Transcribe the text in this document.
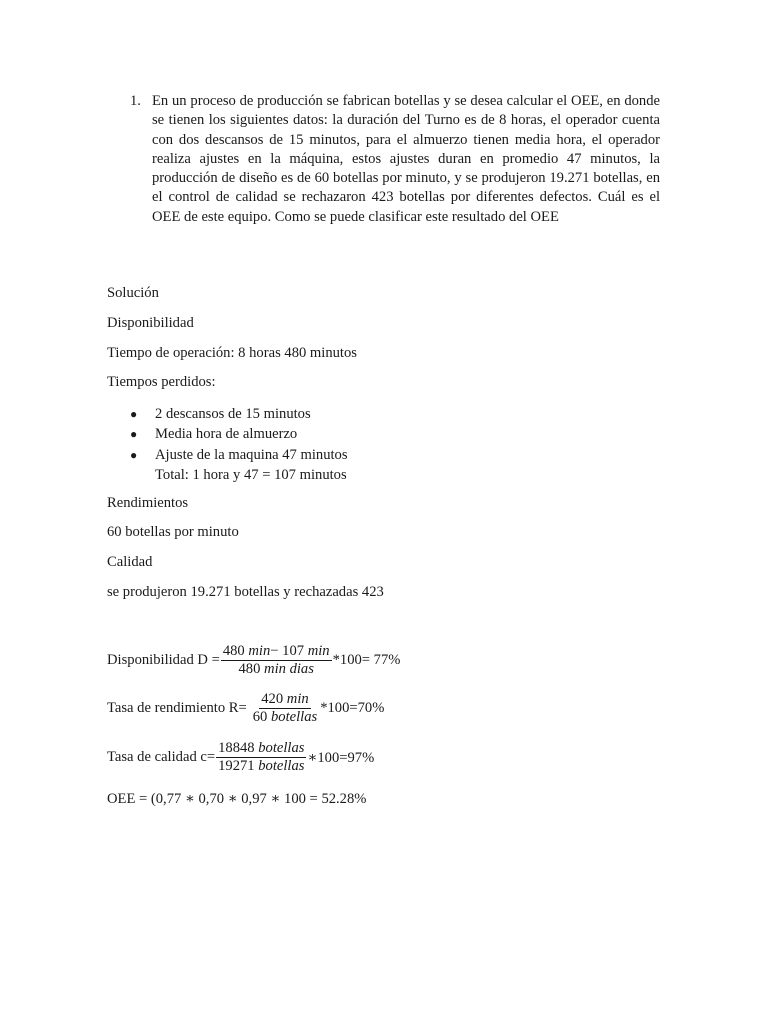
1. En un proceso de producción se fabrican botellas y se desea calcular el OEE, en donde se tienen los siguientes datos: la duración del Turno es de 8 horas, el operador cuenta con dos descansos de 15 minutos, para el almuerzo tienen media hora, el operador realiza ajustes en la máquina, estos ajustes duran en promedio 47 minutos, la producción de diseño es de 60 botellas por minuto, y se produjeron 19.271 botellas, en el control de calidad se rechazaron 423 botellas por diferentes defectos. Cuál es el OEE de este equipo. Como se puede clasificar este resultado del OEE
Solución
Disponibilidad
Tiempo de operación: 8 horas 480 minutos
Tiempos perdidos:
● 2 descansos de 15 minutos
● Media hora de almuerzo
● Ajuste de la maquina 47 minutos
Total: 1 hora y 47 = 107 minutos
Rendimientos
60 botellas por minuto
Calidad
se produjeron 19.271 botellas y rechazadas 423
Disponibilidad $D = \frac{480 \min- 107 \min}{\text{480 min dias}} *100= 77\%$
Tasa de rendimiento $R= \frac{420 \min}{\text{60 botellas}} *100=70\%$
Tasa de calidad $c= \frac{\text{18848 botellas}}{\text{19271 botellas}}$ ∗100=97%
OEE = (0,77 ∗ 0,70 ∗ 0,97 ∗ 100 = 52.28%
